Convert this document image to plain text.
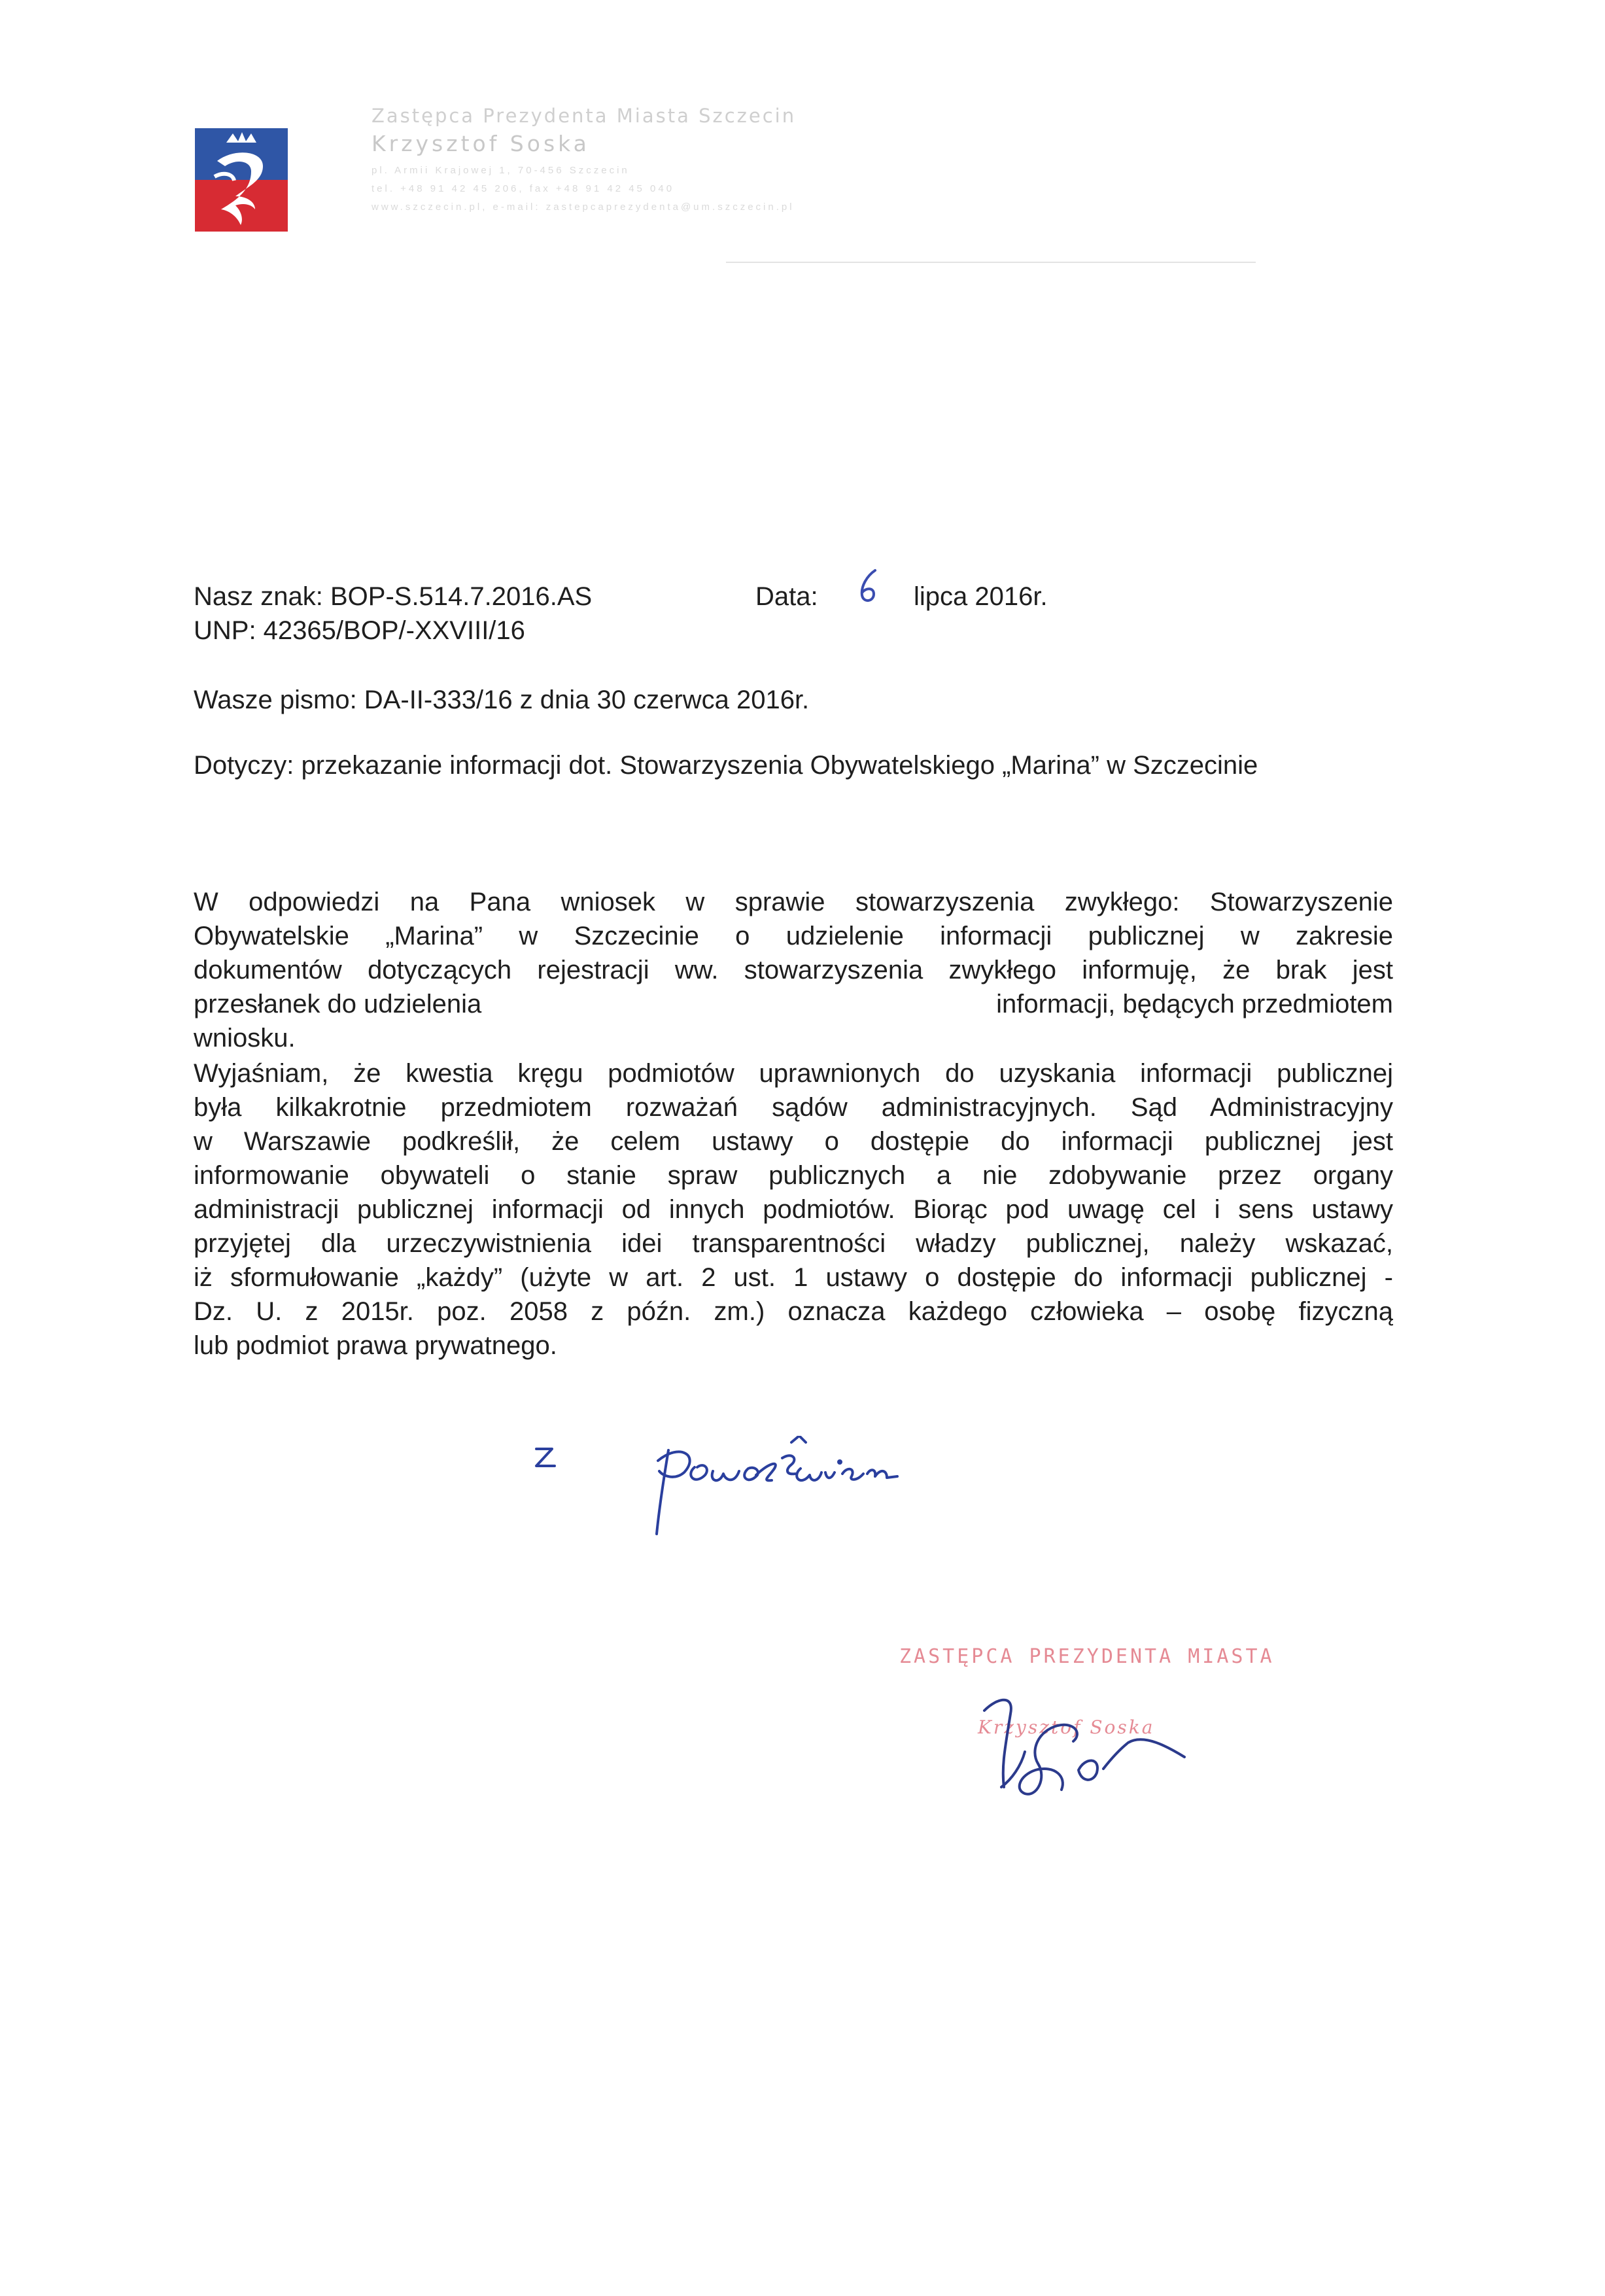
Zastępca Prezydenta Miasta Szczecin

Krzysztof Soska

pl. Armii Krajowej 1, 70-456 Szczecin

tel. +48 91 42 45 206, fax +48 91 42 45 040

www.szczecin.pl, e-mail: zastepcaprezydenta@um.szczecin.pl

Nasz znak: BOP-S.514.7.2016.AS	Data:	lipca 2016r.

UNP: 42365/BOP/-XXVIII/16

Wasze pismo: DA-II-333/16 z dnia 30 czerwca 2016r.

Dotyczy: przekazanie informacji dot. Stowarzyszenia Obywatelskiego „Marina” w Szczecinie

W odpowiedzi na Pana wniosek w sprawie stowarzyszenia zwykłego: Stowarzyszenie
Obywatelskie „Marina” w Szczecinie o udzielenie informacji publicznej w zakresie
dokumentów dotyczących rejestracji ww. stowarzyszenia zwykłego informuję, że brak jest
przesłanek do udzielenia	informacji, będących przedmiotem
wniosku.
Wyjaśniam, że kwestia kręgu podmiotów uprawnionych do uzyskania informacji publicznej
była kilkakrotnie przedmiotem rozważań sądów administracyjnych. Sąd Administracyjny
w Warszawie podkreślił, że celem ustawy o dostępie do informacji publicznej jest
informowanie obywateli o stanie spraw publicznych a nie zdobywanie przez organy
administracji publicznej informacji od innych podmiotów. Biorąc pod uwagę cel i sens ustawy
przyjętej dla urzeczywistnienia idei transparentności władzy publicznej, należy wskazać,
iż sformułowanie „każdy” (użyte w art. 2 ust. 1 ustawy o dostępie do informacji publicznej -
Dz. U. z 2015r. poz. 2058 z późn. zm.) oznacza każdego człowieka – osobę fizyczną
lub podmiot prawa prywatnego.
ZASTĘPCA PREZYDENTA MIASTA
Krzysztof Soska
